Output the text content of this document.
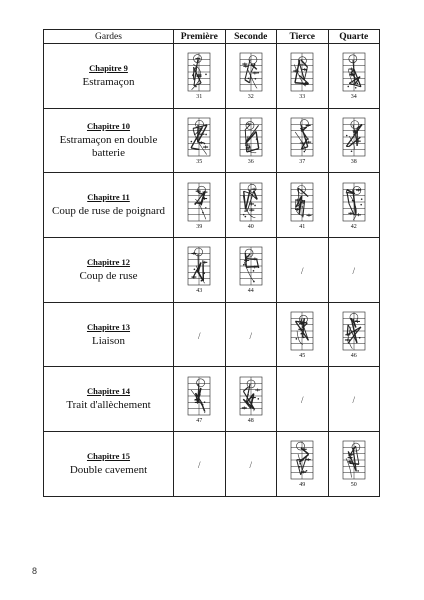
Gardes	Première	Seconde	Tierce	Quarte

Chapitre 9
Estramaçon	31	32	33	34

Chapitre 10
Estramaçon en double batterie	35	36	37	38

Chapitre 11
Coup de ruse de poignard	39	40	41	42

Chapitre 12
Coup de ruse	43	44	/	/

Chapitre 13
Liaison	/	/	45	46

Chapitre 14
Trait d'allèchement	47	48	/	/

Chapitre 15
Double cavement	/	/	49	50
8
